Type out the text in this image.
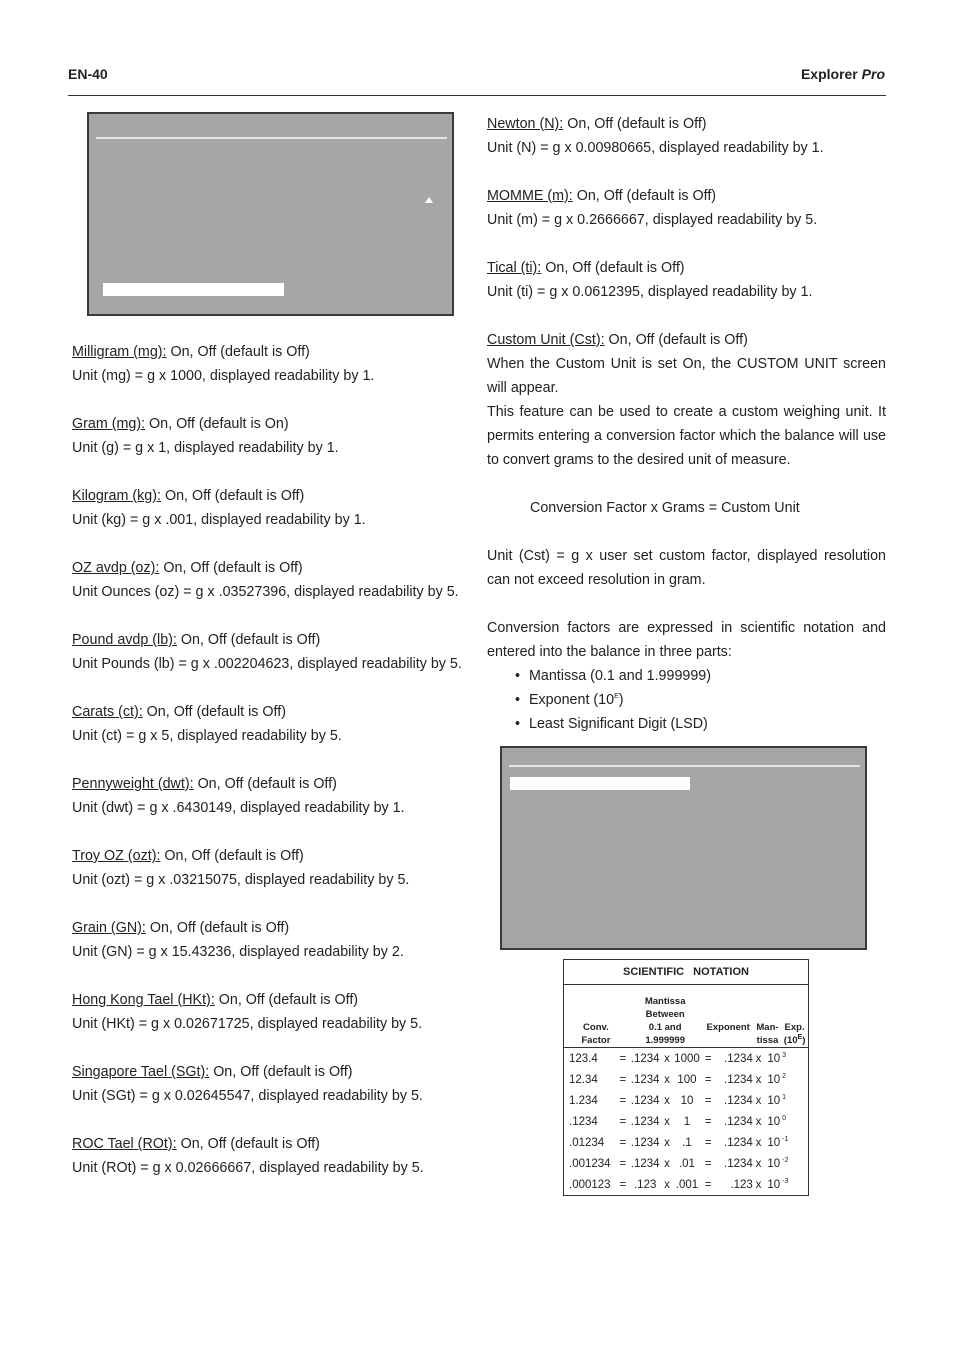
EN-40	Explorer Pro

Milligram (mg): On, Off (default is Off)

Unit (mg) = g x 1000, displayed readability by 1.

Gram (mg): On, Off (default is On)

Unit (g) = g x 1, displayed readability by 1.

Kilogram (kg): On, Off (default is Off)

Unit (kg) = g x .001, displayed readability by 1.

OZ avdp (oz): On, Off (default is Off)

Unit Ounces (oz) = g x .03527396, displayed readability by 5.

Pound avdp (lb): On, Off (default is Off)

Unit Pounds (lb) = g x .002204623, displayed readability by 5.

Carats (ct): On, Off (default is Off)

Unit (ct) = g x 5, displayed readability by 5.

Pennyweight (dwt): On, Off (default is Off)

Unit (dwt) = g x .6430149, displayed readability by 1.

Troy OZ (ozt): On, Off (default is Off)

Unit (ozt) = g x .03215075, displayed readability by 5.

Grain (GN): On, Off (default is Off)

Unit (GN) = g x 15.43236, displayed readability by 2.

Hong Kong Tael (HKt): On, Off (default is Off)

Unit (HKt) = g x 0.02671725, displayed readability by 5.

Singapore Tael (SGt): On, Off (default is Off)

Unit (SGt) = g x 0.02645547, displayed readability by 5.

ROC Tael (ROt): On, Off (default is Off)

Unit (ROt) = g x 0.02666667, displayed readability by 5.

Newton (N): On, Off (default is Off)

Unit (N) = g x 0.00980665, displayed readability by 1.

MOMME (m): On, Off (default is Off)

Unit (m) = g x 0.2666667, displayed readability by 5.

Tical (ti): On, Off (default is Off)

Unit (ti) = g x 0.0612395, displayed readability by 1.

Custom Unit (Cst): On, Off (default is Off)

When the Custom Unit is set On, the CUSTOM UNIT screen will appear.

This feature can be used to create a custom weighing unit. It permits entering a conversion factor which the balance will use to convert grams to the desired unit of measure.

Conversion Factor x Grams = Custom Unit

Unit (Cst) = g x user set custom factor, displayed resolution can not exceed resolution in gram.

Conversion factors are expressed in scientific notation and entered into the balance in three parts:

• Mantissa (0.1 and 1.999999)

• Exponent $(10^E)$

• Least Significant Digit (LSD)

SCIENTIFIC NOTATION										
Conv.
Factor		Mantissa
Between
0.1 and
1.999999			Exponent		Man-
tissa		Exp.
$(10^E)$	
123.4	=	.1234	x	1000	=	.1234	x	10	$^3$	
12.34	=	.1234	x	100	=	.1234	x	10	$^2$	
1.234	=	.1234	x	10	=	.1234	x	10	$^1$	
.1234	=	.1234	x	1	=	.1234	x	10	$^0$	
.01234	=	.1234	x	.1	=	.1234	x	10	$^{-1}$	
.001234	=	.1234	x	.01	=	.1234	x	10	$^{-2}$	
.000123	=	.123	x	.001	=	.123	x	10	$^{-3}$	
